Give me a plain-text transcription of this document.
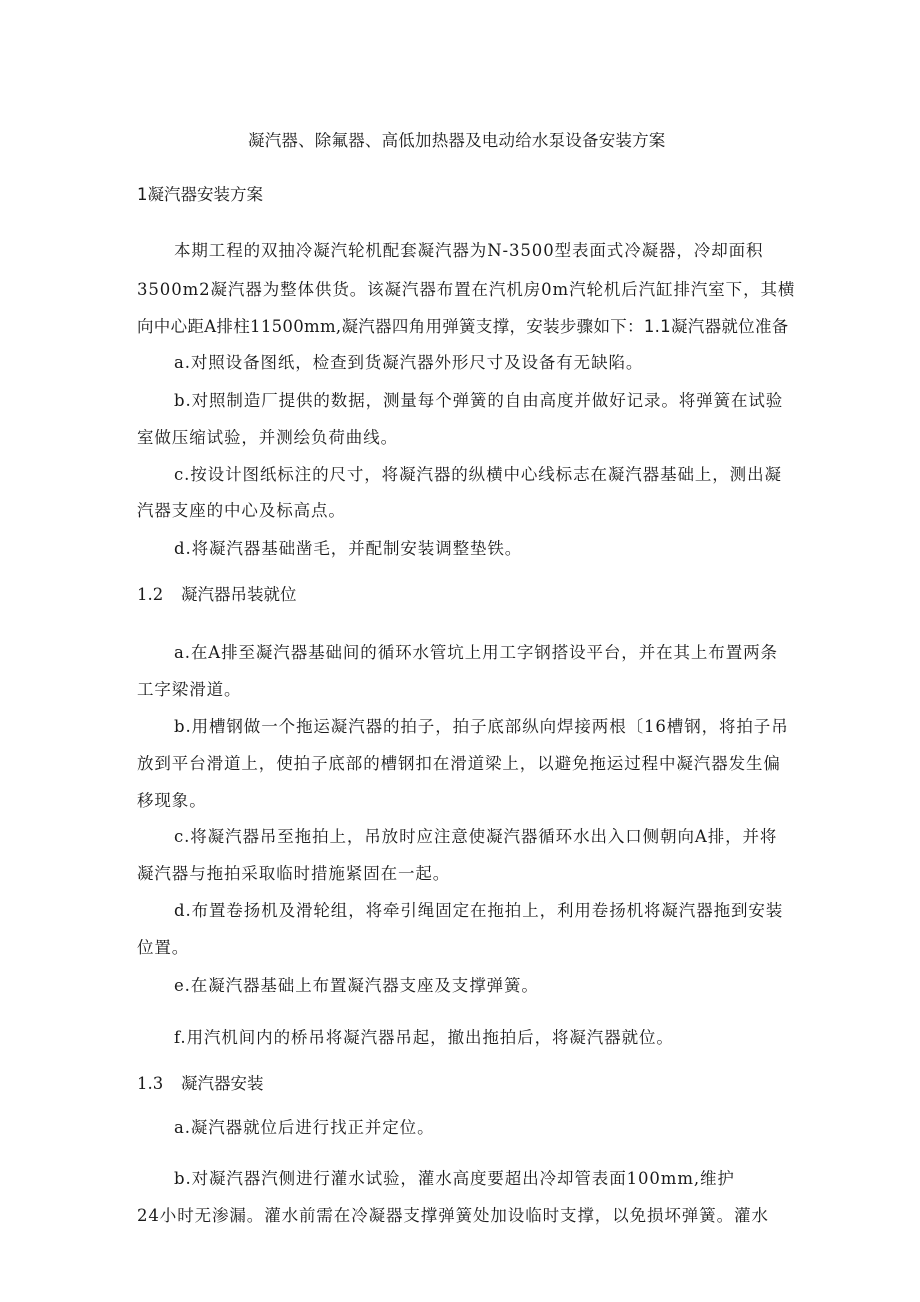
凝汽器、除氟器、高低加热器及电动给水泵设备安装方案
1凝汽器安装方案
本期工程的双抽冷凝汽轮机配套凝汽器为N-3500型表面式冷凝器，冷却面积
3500m2凝汽器为整体供货。该凝汽器布置在汽机房0m汽轮机后汽缸排汽室下，其横
向中心距A排柱11500mm,凝汽器四角用弹簧支撑，安装步骤如下：1.1凝汽器就位准备
a.对照设备图纸，检查到货凝汽器外形尺寸及设备有无缺陷。
b.对照制造厂提供的数据，测量每个弹簧的自由高度并做好记录。将弹簧在试验
室做压缩试验，并测绘负荷曲线。
c.按设计图纸标注的尺寸，将凝汽器的纵横中心线标志在凝汽器基础上，测出凝
汽器支座的中心及标高点。
d.将凝汽器基础凿毛，并配制安装调整垫铁。
1.2 凝汽器吊装就位
a.在A排至凝汽器基础间的循环水管坑上用工字钢搭设平台，并在其上布置两条
工字梁滑道。
b.用槽钢做一个拖运凝汽器的拍子，拍子底部纵向焊接两根〔16槽钢，将拍子吊
放到平台滑道上，使拍子底部的槽钢扣在滑道梁上，以避免拖运过程中凝汽器发生偏
移现象。
c.将凝汽器吊至拖拍上，吊放时应注意使凝汽器循环水出入口侧朝向A排，并将
凝汽器与拖拍采取临时措施紧固在一起。
d.布置卷扬机及滑轮组，将牵引绳固定在拖拍上，利用卷扬机将凝汽器拖到安装
位置。
e.在凝汽器基础上布置凝汽器支座及支撑弹簧。
f.用汽机间内的桥吊将凝汽器吊起，撤出拖拍后，将凝汽器就位。
1.3 凝汽器安装
a.凝汽器就位后进行找正并定位。
b.对凝汽器汽侧进行灌水试验，灌水高度要超出冷却管表面100mm,维护
24小时无渗漏。灌水前需在冷凝器支撑弹簧处加设临时支撑，以免损坏弹簧。灌水
